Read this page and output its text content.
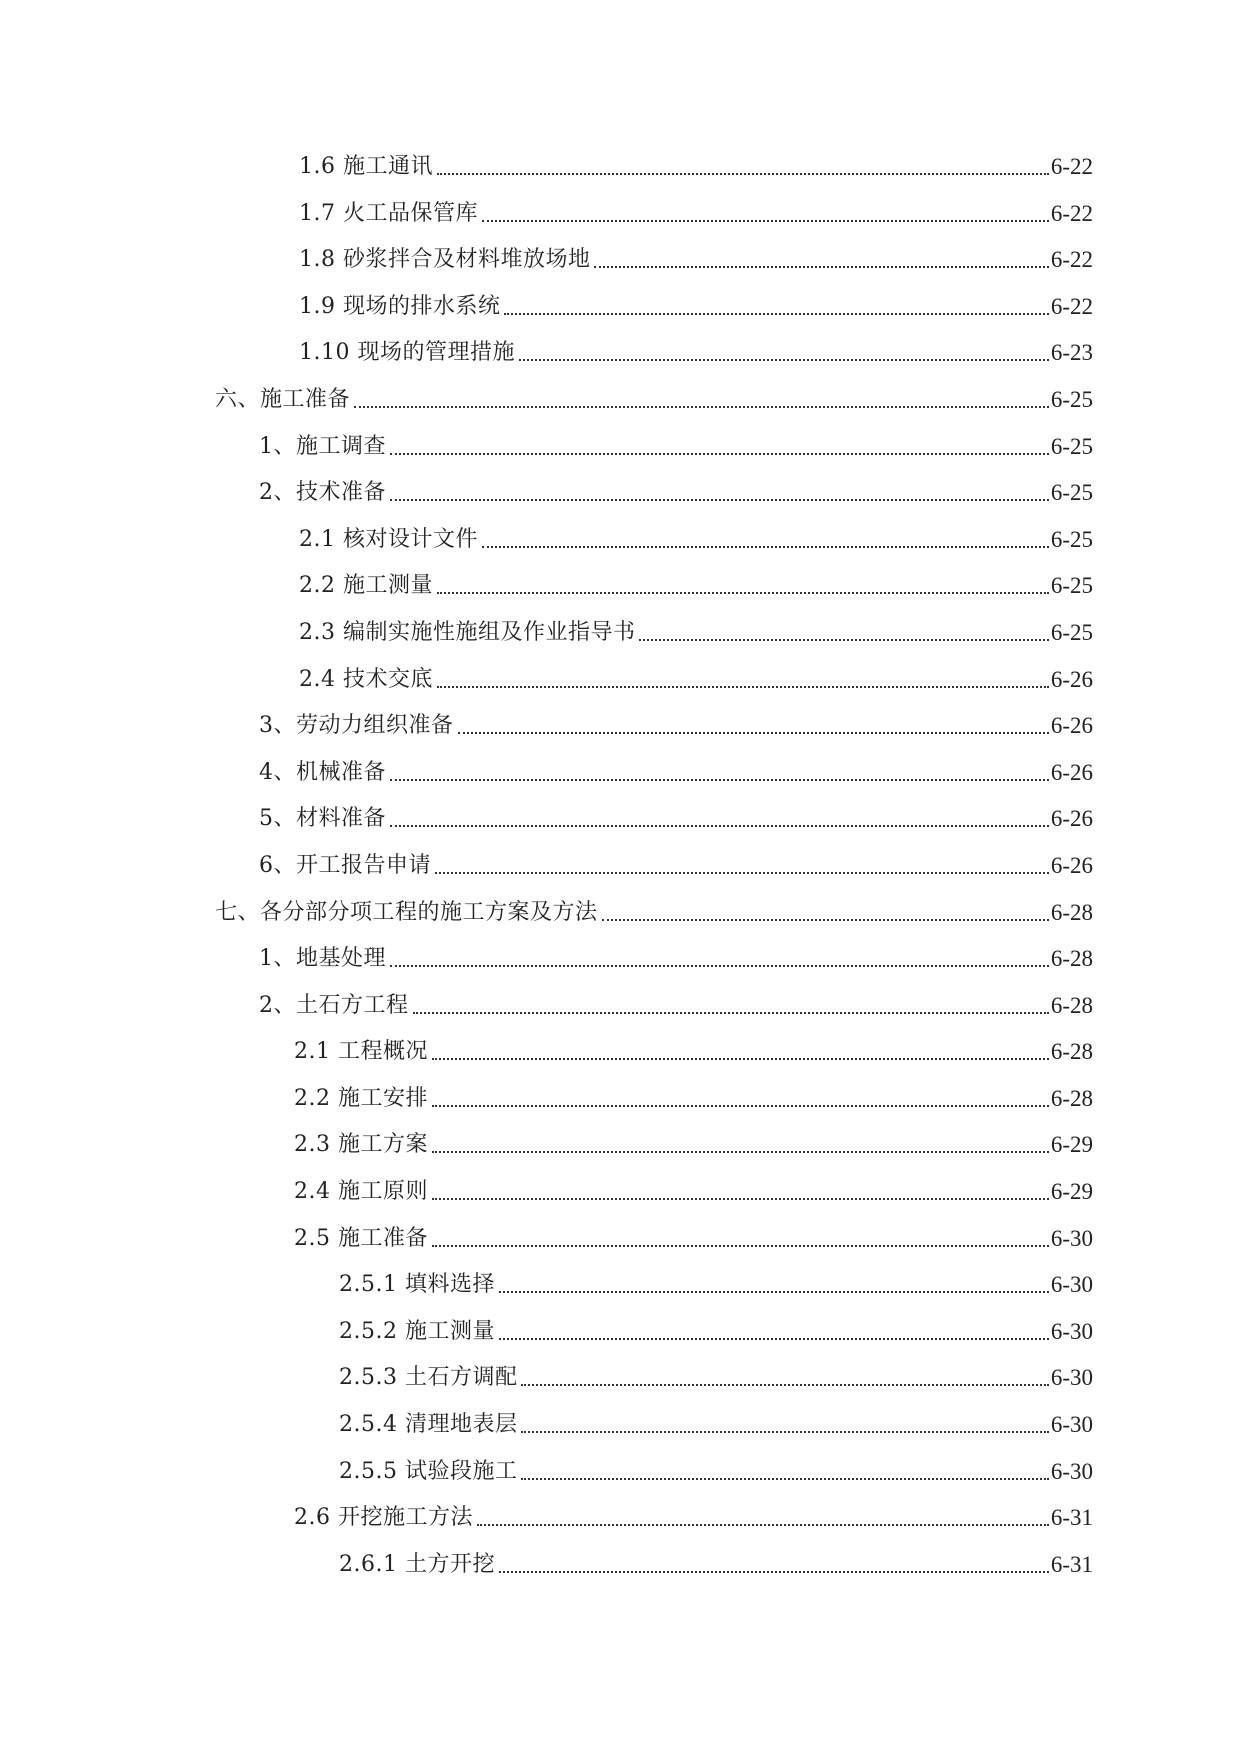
1.6 施工通讯	6-22
1.7 火工品保管库	6-22
1.8 砂浆拌合及材料堆放场地	6-22
1.9 现场的排水系统	6-22
1.10 现场的管理措施	6-23
六、施工准备	6-25
1、施工调查	6-25
2、技术准备	6-25
2.1 核对设计文件	6-25
2.2 施工测量	6-25
2.3 编制实施性施组及作业指导书	6-25
2.4 技术交底	6-26
3、劳动力组织准备	6-26
4、机械准备	6-26
5、材料准备	6-26
6、开工报告申请	6-26
七、各分部分项工程的施工方案及方法	6-28
1、地基处理	6-28
2、土石方工程	6-28
2.1 工程概况	6-28
2.2 施工安排	6-28
2.3 施工方案	6-29
2.4 施工原则	6-29
2.5 施工准备	6-30
2.5.1 填料选择	6-30
2.5.2 施工测量	6-30
2.5.3 土石方调配	6-30
2.5.4 清理地表层	6-30
2.5.5 试验段施工	6-30
2.6 开挖施工方法	6-31
2.6.1 土方开挖	6-31
